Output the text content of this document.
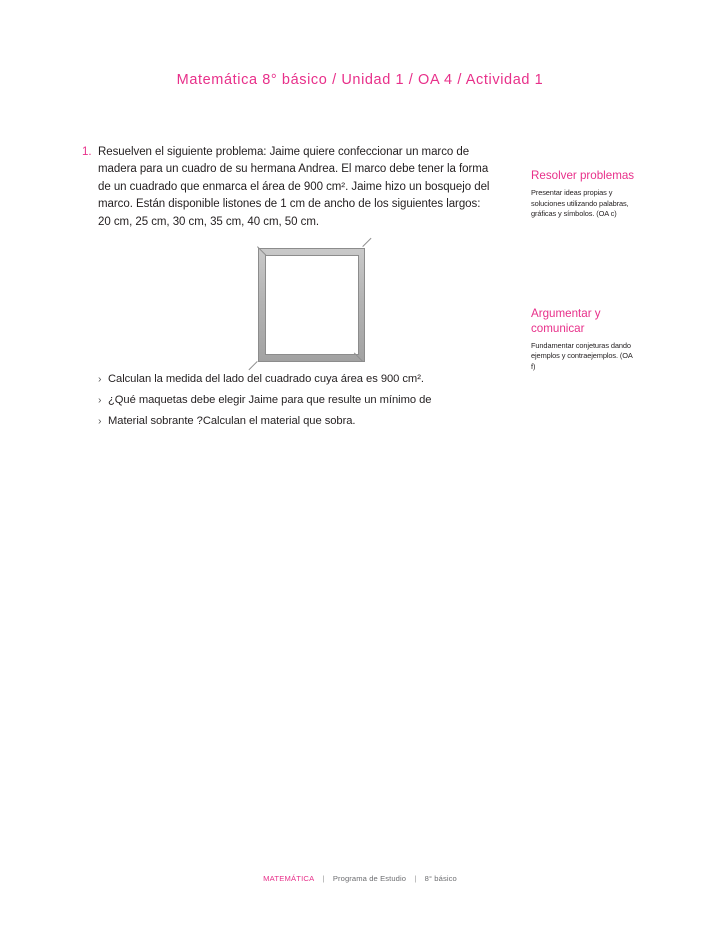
Matemática 8° básico / Unidad 1 / OA 4 / Actividad 1
1. Resuelven el siguiente problema: Jaime quiere confeccionar un marco de madera para un cuadro de su hermana Andrea. El marco debe tener la forma de un cuadrado que enmarca el área de 900 cm². Jaime hizo un bosquejo del marco. Están disponible listones de 1 cm de ancho de los siguientes largos: 20 cm, 25 cm, 30 cm, 35 cm, 40 cm, 50 cm.
› Calculan la medida del lado del cuadrado cuya área es 900 cm².
› ¿Qué maquetas debe elegir Jaime para que resulte un mínimo de
› Material sobrante ?Calculan el material que sobra.
Resolver problemas
Presentar ideas propias y soluciones utilizando palabras, gráficas y símbolos. (OA c)
Argumentar y comunicar
Fundamentar conjeturas dando ejemplos y contraejemplos. (OA f)
MATEMÁTICA | Programa de Estudio | 8° básico
